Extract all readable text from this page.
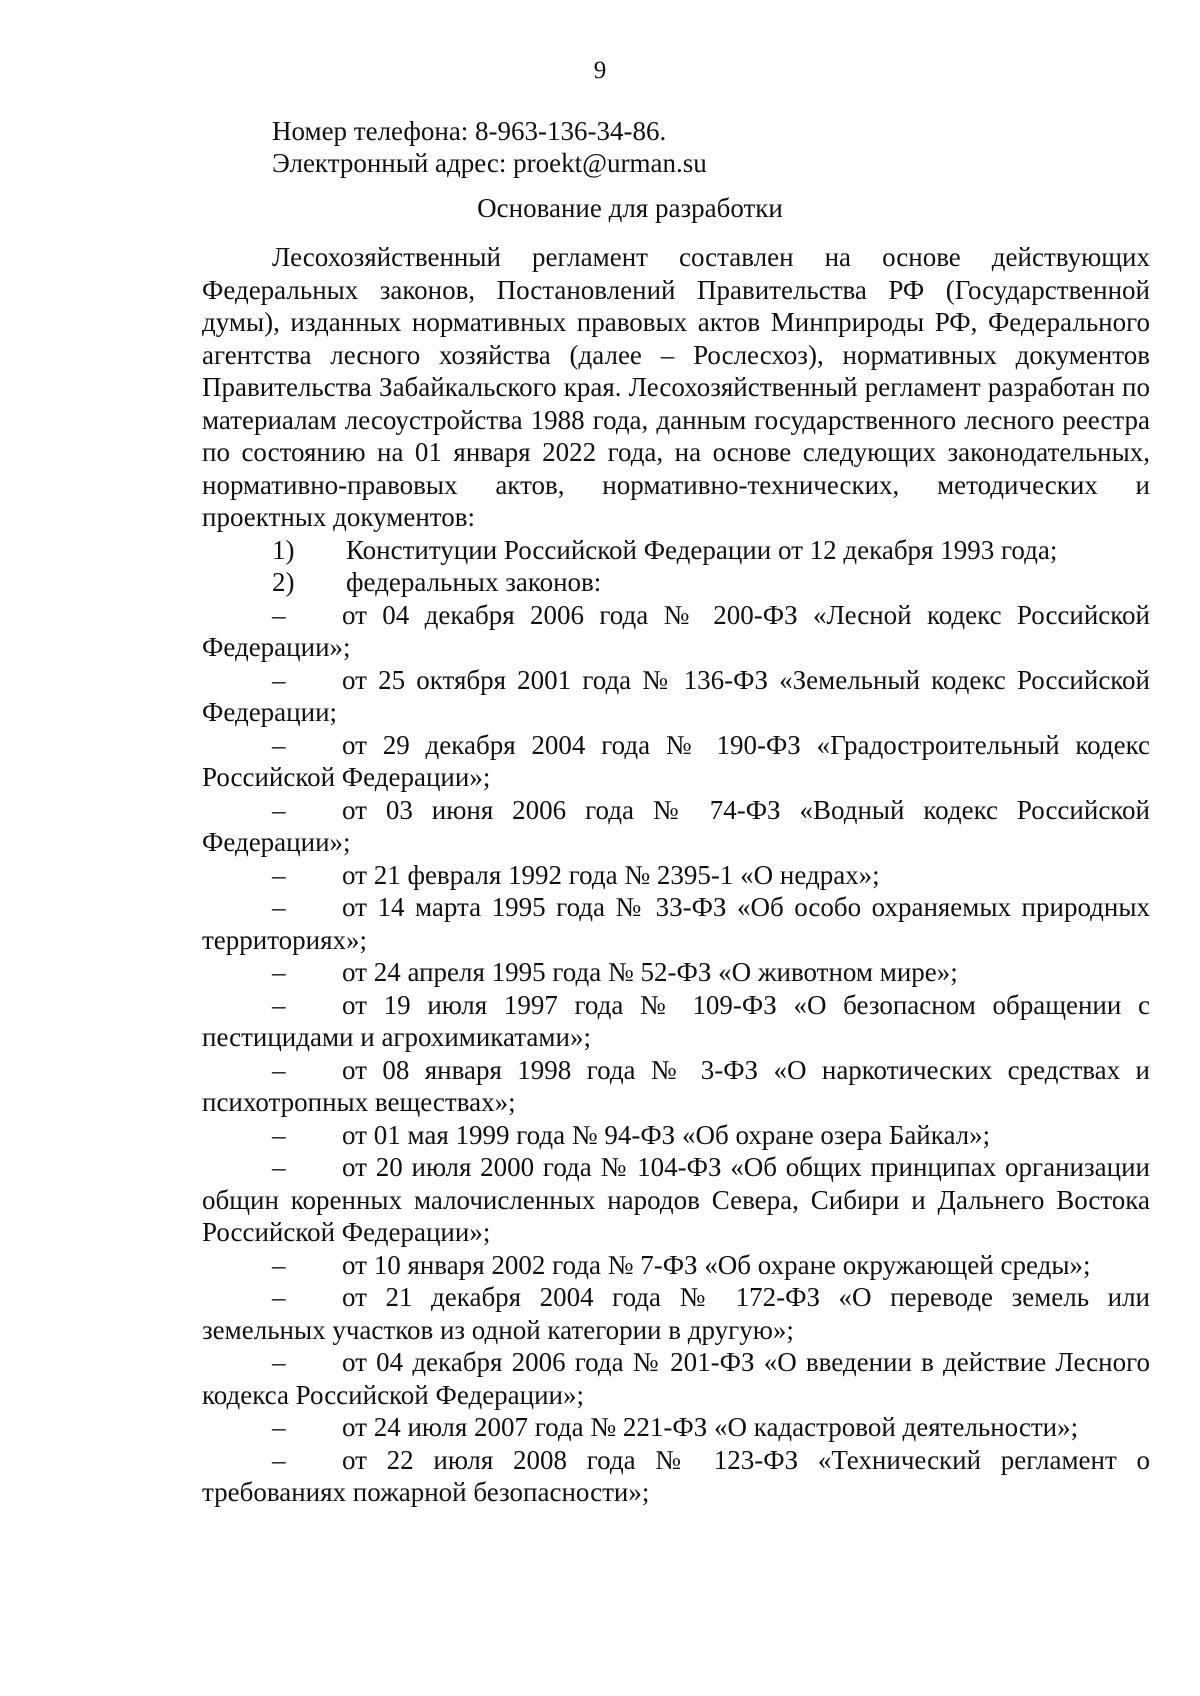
9
Номер телефона: 8-963-136-34-86.
Электронный адрес: proekt@urman.su
Основание для разработки

Лесохозяйственный регламент составлен на основе действующих Федеральных законов, Постановлений Правительства РФ (Государственной думы), изданных нормативных правовых актов Минприроды РФ, Федерального агентства лесного хозяйства (далее – Рослесхоз), нормативных документов Правительства Забайкальского края. Лесохозяйственный регламент разработан по материалам лесоустройства 1988 года, данным государственного лесного реестра по состоянию на 01 января 2022 года, на основе следующих законодательных, нормативно-правовых актов, нормативно-технических, методических и проектных документов:

1) Конституции Российской Федерации от 12 декабря 1993 года;

2) федеральных законов:

– от 04 декабря 2006 года № 200-ФЗ «Лесной кодекс Российской Федерации»;

– от 25 октября 2001 года № 136-ФЗ «Земельный кодекс Российской Федерации;

– от 29 декабря 2004 года № 190-ФЗ «Градостроительный кодекс Российской Федерации»;

– от 03 июня 2006 года № 74-ФЗ «Водный кодекс Российской Федерации»;

– от 21 февраля 1992 года № 2395-1 «О недрах»;

– от 14 марта 1995 года № 33-ФЗ «Об особо охраняемых природных территориях»;

– от 24 апреля 1995 года № 52-ФЗ «О животном мире»;

– от 19 июля 1997 года № 109-ФЗ «О безопасном обращении с пестицидами и агрохимикатами»;

– от 08 января 1998 года № 3-ФЗ «О наркотических средствах и психотропных веществах»;

– от 01 мая 1999 года № 94-ФЗ «Об охране озера Байкал»;

– от 20 июля 2000 года № 104-ФЗ «Об общих принципах организации общин коренных малочисленных народов Севера, Сибири и Дальнего Востока Российской Федерации»;

– от 10 января 2002 года № 7-ФЗ «Об охране окружающей среды»;

– от 21 декабря 2004 года № 172-ФЗ «О переводе земель или земельных участков из одной категории в другую»;

– от 04 декабря 2006 года № 201-ФЗ «О введении в действие Лесного кодекса Российской Федерации»;

– от 24 июля 2007 года № 221-ФЗ «О кадастровой деятельности»;

– от 22 июля 2008 года № 123-ФЗ «Технический регламент о требованиях пожарной безопасности»;
